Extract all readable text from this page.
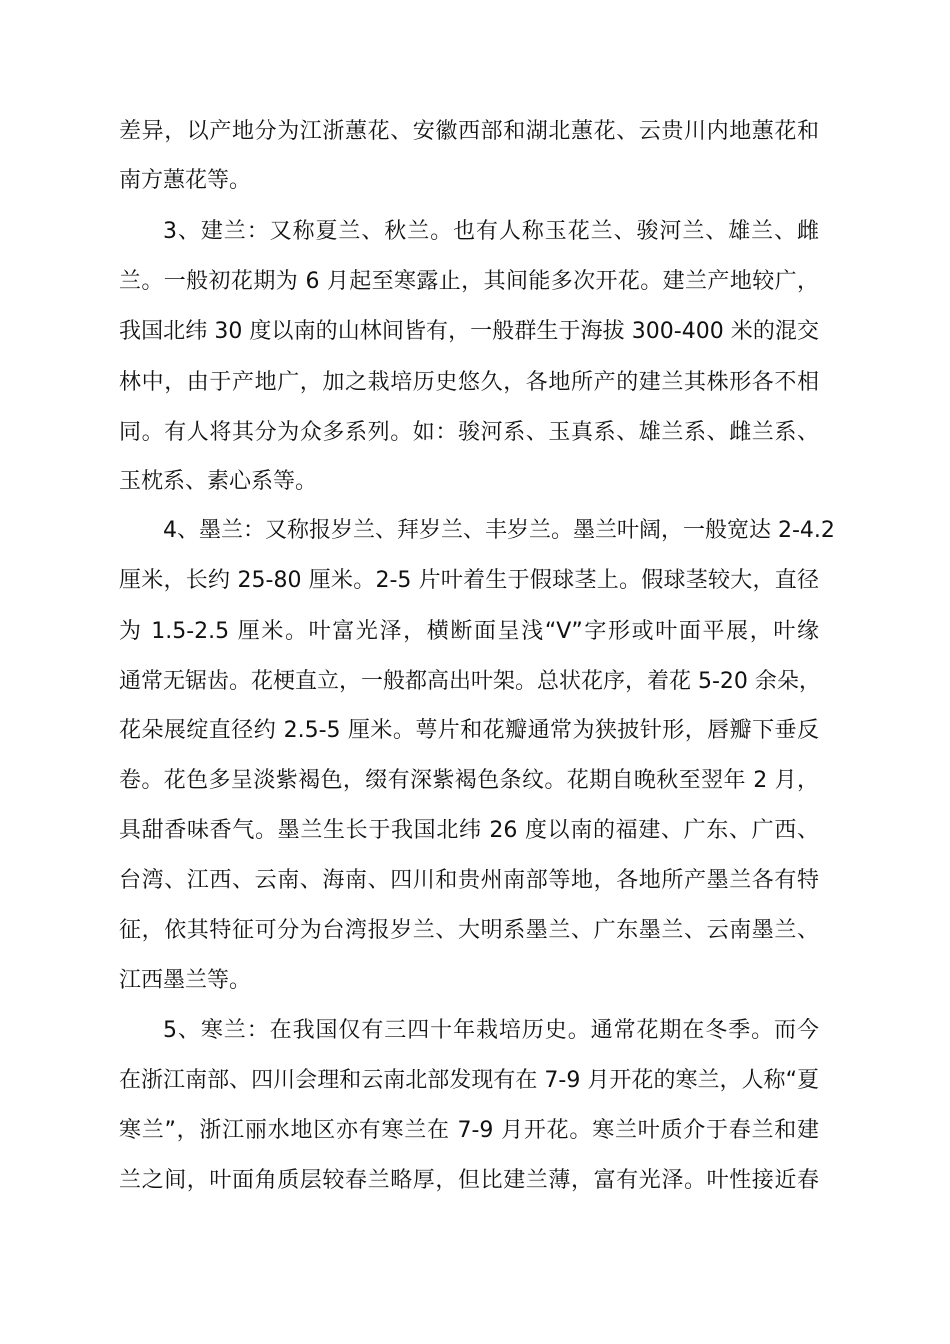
差异，以产地分为江浙蕙花、安徽西部和湖北蕙花、云贵川内地蕙花和
南方蕙花等。
3、建兰：又称夏兰、秋兰。也有人称玉花兰、骏河兰、雄兰、雌
兰。一般初花期为 6 月起至寒露止，其间能多次开花。建兰产地较广，
我国北纬 30 度以南的山林间皆有，一般群生于海拔 300-400 米的混交
林中，由于产地广，加之栽培历史悠久，各地所产的建兰其株形各不相
同。有人将其分为众多系列。如：骏河系、玉真系、雄兰系、雌兰系、
玉枕系、素心系等。
4、墨兰：又称报岁兰、拜岁兰、丰岁兰。墨兰叶阔，一般宽达 2-4.2
厘米，长约 25-80 厘米。2-5 片叶着生于假球茎上。假球茎较大，直径
为 1.5-2.5 厘米。叶富光泽，横断面呈浅“V”字形或叶面平展，叶缘
通常无锯齿。花梗直立，一般都高出叶架。总状花序，着花 5-20 余朵，
花朵展绽直径约 2.5-5 厘米。萼片和花瓣通常为狭披针形，唇瓣下垂反
卷。花色多呈淡紫褐色，缀有深紫褐色条纹。花期自晚秋至翌年 2 月，
具甜香味香气。墨兰生长于我国北纬 26 度以南的福建、广东、广西、
台湾、江西、云南、海南、四川和贵州南部等地，各地所产墨兰各有特
征，依其特征可分为台湾报岁兰、大明系墨兰、广东墨兰、云南墨兰、
江西墨兰等。
5、寒兰：在我国仅有三四十年栽培历史。通常花期在冬季。而今
在浙江南部、四川会理和云南北部发现有在 7-9 月开花的寒兰，人称“夏
寒兰”，浙江丽水地区亦有寒兰在 7-9 月开花。寒兰叶质介于春兰和建
兰之间，叶面角质层较春兰略厚，但比建兰薄，富有光泽。叶性接近春
